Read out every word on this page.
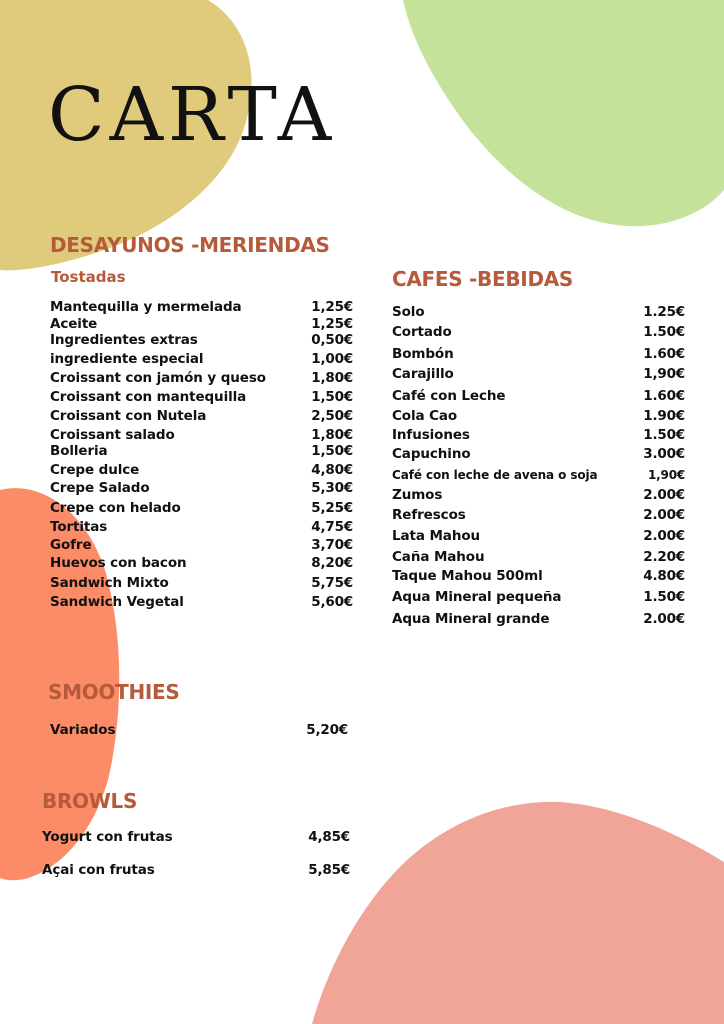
CARTA
DESAYUNOS -MERIENDAS
Tostadas
Mantequilla y mermelada	1,25€
Aceite	1,25€
Ingredientes extras	0,50€
ingrediente especial	1,00€
Croissant con jamón y queso	1,80€
Croissant con mantequilla	1,50€
Croissant con Nutela	2,50€
Croissant salado	1,80€
Bolleria	1,50€
Crepe dulce	4,80€
Crepe Salado	5,30€
Crepe con helado	5,25€
Tortitas	4,75€
Gofre	3,70€
Huevos con bacon	8,20€
Sandwich Mixto	5,75€
Sandwich Vegetal	5,60€
CAFES -BEBIDAS
Solo	1.25€
Cortado	1.50€
Bombón	1.60€
Carajillo	1,90€
Café con Leche	1.60€
Cola Cao	1.90€
Infusiones	1.50€
Capuchino	3.00€
Café con leche de avena o soja	1,90€
Zumos	2.00€
Refrescos	2.00€
Lata Mahou	2.00€
Caña Mahou	2.20€
Taque Mahou 500ml	4.80€
Aqua Mineral pequeña	1.50€
Aqua Mineral grande	2.00€
SMOOTHIES
Variados	5,20€
BROWLS
Yogurt con frutas	4,85€
Açai con frutas	5,85€
